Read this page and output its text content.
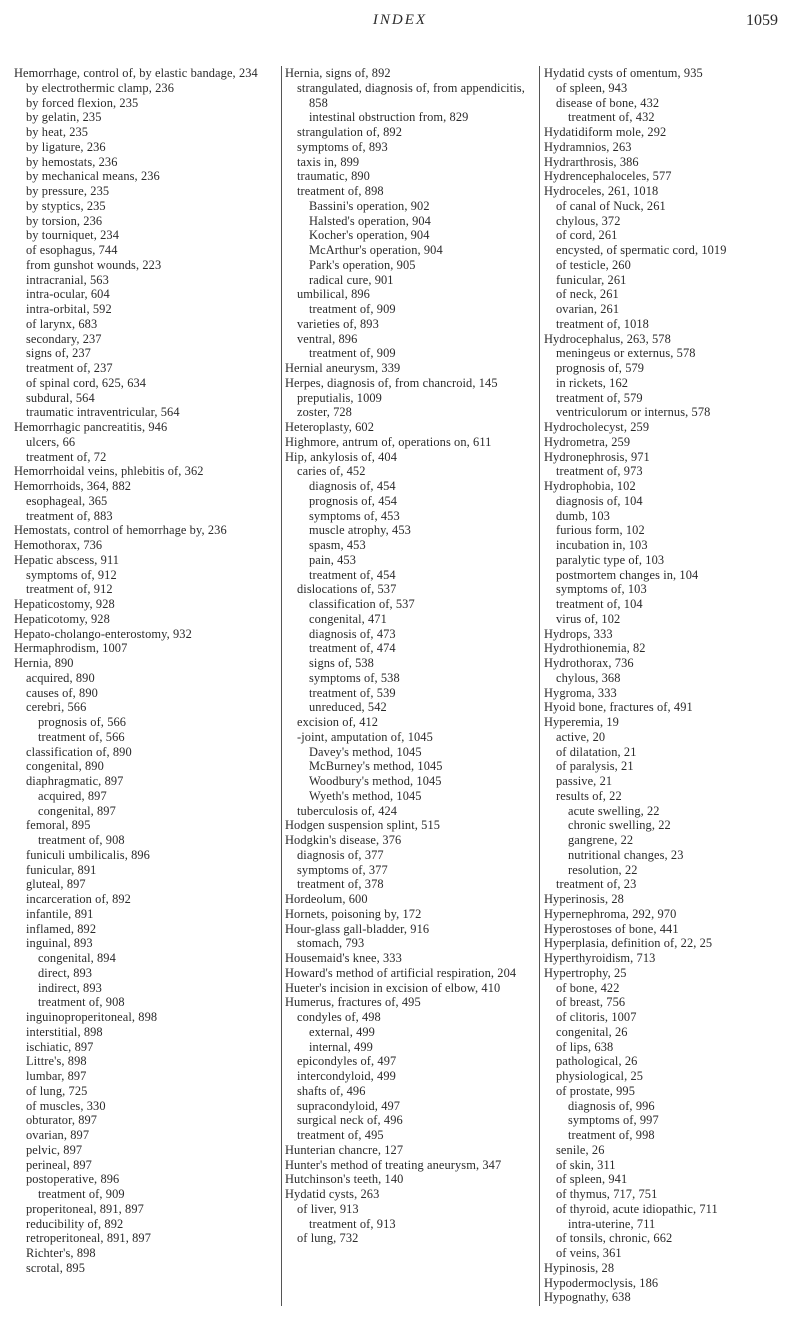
INDEX	1059

Hemorrhage, control of, by elastic bandage, 234

by electrothermic clamp, 236

by forced flexion, 235

by gelatin, 235

by heat, 235

by ligature, 236

by hemostats, 236

by mechanical means, 236

by pressure, 235

by styptics, 235

by torsion, 236

by tourniquet, 234

of esophagus, 744

from gunshot wounds, 223

intracranial, 563

intra-ocular, 604

intra-orbital, 592

of larynx, 683

secondary, 237

signs of, 237

treatment of, 237

of spinal cord, 625, 634

subdural, 564

traumatic intraventricular, 564

Hemorrhagic pancreatitis, 946

ulcers, 66

treatment of, 72

Hemorrhoidal veins, phlebitis of, 362

Hemorrhoids, 364, 882

esophageal, 365

treatment of, 883

Hemostats, control of hemorrhage by, 236

Hemothorax, 736

Hepatic abscess, 911

symptoms of, 912

treatment of, 912

Hepaticostomy, 928

Hepaticotomy, 928

Hepato-cholango-enterostomy, 932

Hermaphrodism, 1007

Hernia, 890

acquired, 890

causes of, 890

cerebri, 566

prognosis of, 566

treatment of, 566

classification of, 890

congenital, 890

diaphragmatic, 897

acquired, 897

congenital, 897

femoral, 895

treatment of, 908

funiculi umbilicalis, 896

funicular, 891

gluteal, 897

incarceration of, 892

infantile, 891

inflamed, 892

inguinal, 893

congenital, 894

direct, 893

indirect, 893

treatment of, 908

inguinoproperitoneal, 898

interstitial, 898

ischiatic, 897

Littre's, 898

lumbar, 897

of lung, 725

of muscles, 330

obturator, 897

ovarian, 897

pelvic, 897

perineal, 897

postoperative, 896

treatment of, 909

properitoneal, 891, 897

reducibility of, 892

retroperitoneal, 891, 897

Richter's, 898

scrotal, 895

Hernia, signs of, 892

strangulated, diagnosis of, from appendicitis, 858

intestinal obstruction from, 829

strangulation of, 892

symptoms of, 893

taxis in, 899

traumatic, 890

treatment of, 898

Bassini's operation, 902

Halsted's operation, 904

Kocher's operation, 904

McArthur's operation, 904

Park's operation, 905

radical cure, 901

umbilical, 896

treatment of, 909

varieties of, 893

ventral, 896

treatment of, 909

Hernial aneurysm, 339

Herpes, diagnosis of, from chancroid, 145

preputialis, 1009

zoster, 728

Heteroplasty, 602

Highmore, antrum of, operations on, 611

Hip, ankylosis of, 404

caries of, 452

diagnosis of, 454

prognosis of, 454

symptoms of, 453

muscle atrophy, 453

spasm, 453

pain, 453

treatment of, 454

dislocations of, 537

classification of, 537

congenital, 471

diagnosis of, 473

treatment of, 474

signs of, 538

symptoms of, 538

treatment of, 539

unreduced, 542

excision of, 412

-joint, amputation of, 1045

Davey's method, 1045

McBurney's method, 1045

Woodbury's method, 1045

Wyeth's method, 1045

tuberculosis of, 424

Hodgen suspension splint, 515

Hodgkin's disease, 376

diagnosis of, 377

symptoms of, 377

treatment of, 378

Hordeolum, 600

Hornets, poisoning by, 172

Hour-glass gall-bladder, 916

stomach, 793

Housemaid's knee, 333

Howard's method of artificial respiration, 204

Hueter's incision in excision of elbow, 410

Humerus, fractures of, 495

condyles of, 498

external, 499

internal, 499

epicondyles of, 497

intercondyloid, 499

shafts of, 496

supracondyloid, 497

surgical neck of, 496

treatment of, 495

Hunterian chancre, 127

Hunter's method of treating aneurysm, 347

Hutchinson's teeth, 140

Hydatid cysts, 263

of liver, 913

treatment of, 913

of lung, 732

Hydatid cysts of omentum, 935

of spleen, 943

disease of bone, 432

treatment of, 432

Hydatidiform mole, 292

Hydramnios, 263

Hydrarthrosis, 386

Hydrencephaloceles, 577

Hydroceles, 261, 1018

of canal of Nuck, 261

chylous, 372

of cord, 261

encysted, of spermatic cord, 1019

of testicle, 260

funicular, 261

of neck, 261

ovarian, 261

treatment of, 1018

Hydrocephalus, 263, 578

meningeus or externus, 578

prognosis of, 579

in rickets, 162

treatment of, 579

ventriculorum or internus, 578

Hydrocholecyst, 259

Hydrometra, 259

Hydronephrosis, 971

treatment of, 973

Hydrophobia, 102

diagnosis of, 104

dumb, 103

furious form, 102

incubation in, 103

paralytic type of, 103

postmortem changes in, 104

symptoms of, 103

treatment of, 104

virus of, 102

Hydrops, 333

Hydrothionemia, 82

Hydrothorax, 736

chylous, 368

Hygroma, 333

Hyoid bone, fractures of, 491

Hyperemia, 19

active, 20

of dilatation, 21

of paralysis, 21

passive, 21

results of, 22

acute swelling, 22

chronic swelling, 22

gangrene, 22

nutritional changes, 23

resolution, 22

treatment of, 23

Hyperinosis, 28

Hypernephroma, 292, 970

Hyperostoses of bone, 441

Hyperplasia, definition of, 22, 25

Hyperthyroidism, 713

Hypertrophy, 25

of bone, 422

of breast, 756

of clitoris, 1007

congenital, 26

of lips, 638

pathological, 26

physiological, 25

of prostate, 995

diagnosis of, 996

symptoms of, 997

treatment of, 998

senile, 26

of skin, 311

of spleen, 941

of thymus, 717, 751

of thyroid, acute idiopathic, 711

intra-uterine, 711

of tonsils, chronic, 662

of veins, 361

Hypinosis, 28

Hypodermoclysis, 186

Hypognathy, 638
